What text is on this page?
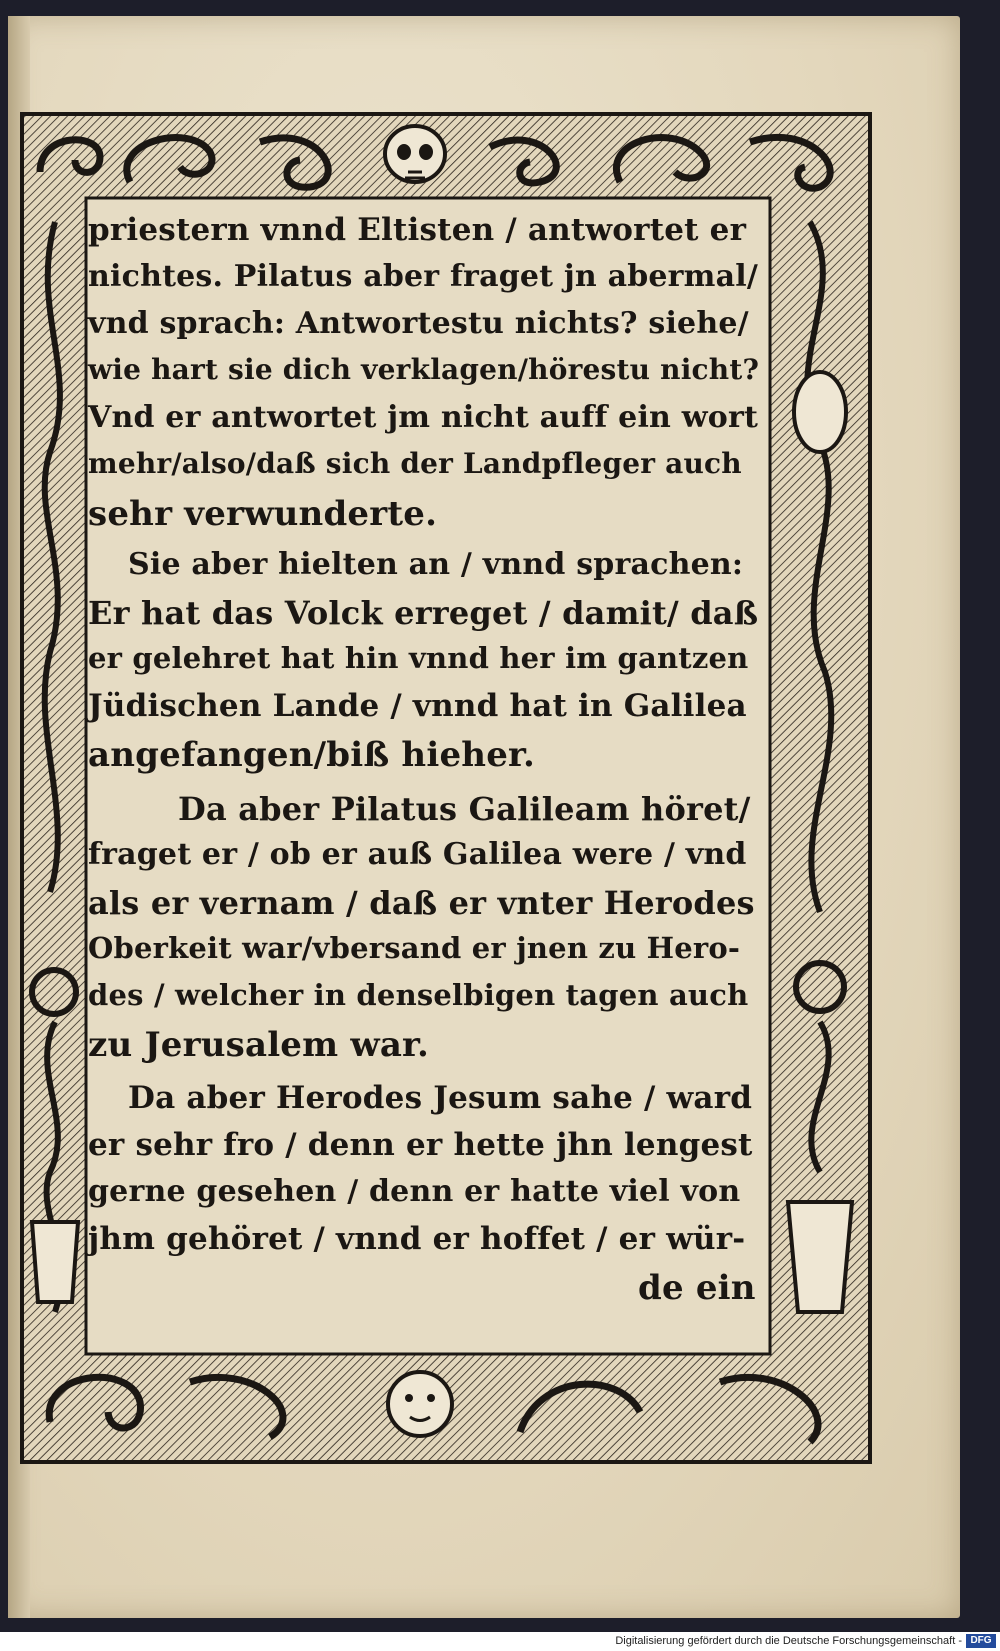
priestern vnnd Eltisten / antwortet er
nichtes. Pilatus aber fraget jn abermal/
vnd sprach: Antwortestu nichts? siehe/
wie hart sie dich verklagen/hörestu nicht?
Vnd er antwortet jm nicht auff ein wort
mehr/also/daß sich der Landpfleger auch
sehr verwunderte.
Sie aber hielten an / vnnd sprachen:
Er hat das Volck erreget / damit/ daß
er gelehret hat hin vnnd her im gantzen
Jüdischen Lande / vnnd hat in Galilea
angefangen/biß hieher.
Da aber Pilatus Galileam höret/
fraget er / ob er auß Galilea were / vnd
als er vernam / daß er vnter Herodes
Oberkeit war/vbersand er jnen zu Hero-
des / welcher in denselbigen tagen auch
zu Jerusalem war.
Da aber Herodes Jesum sahe / ward
er sehr fro / denn er hette jhn lengest
gerne gesehen / denn er hatte viel von
jhm gehöret / vnnd er hoffet / er wür-
de ein
Digitalisierung gefördert durch die Deutsche Forschungsgemeinschaft - DFG
